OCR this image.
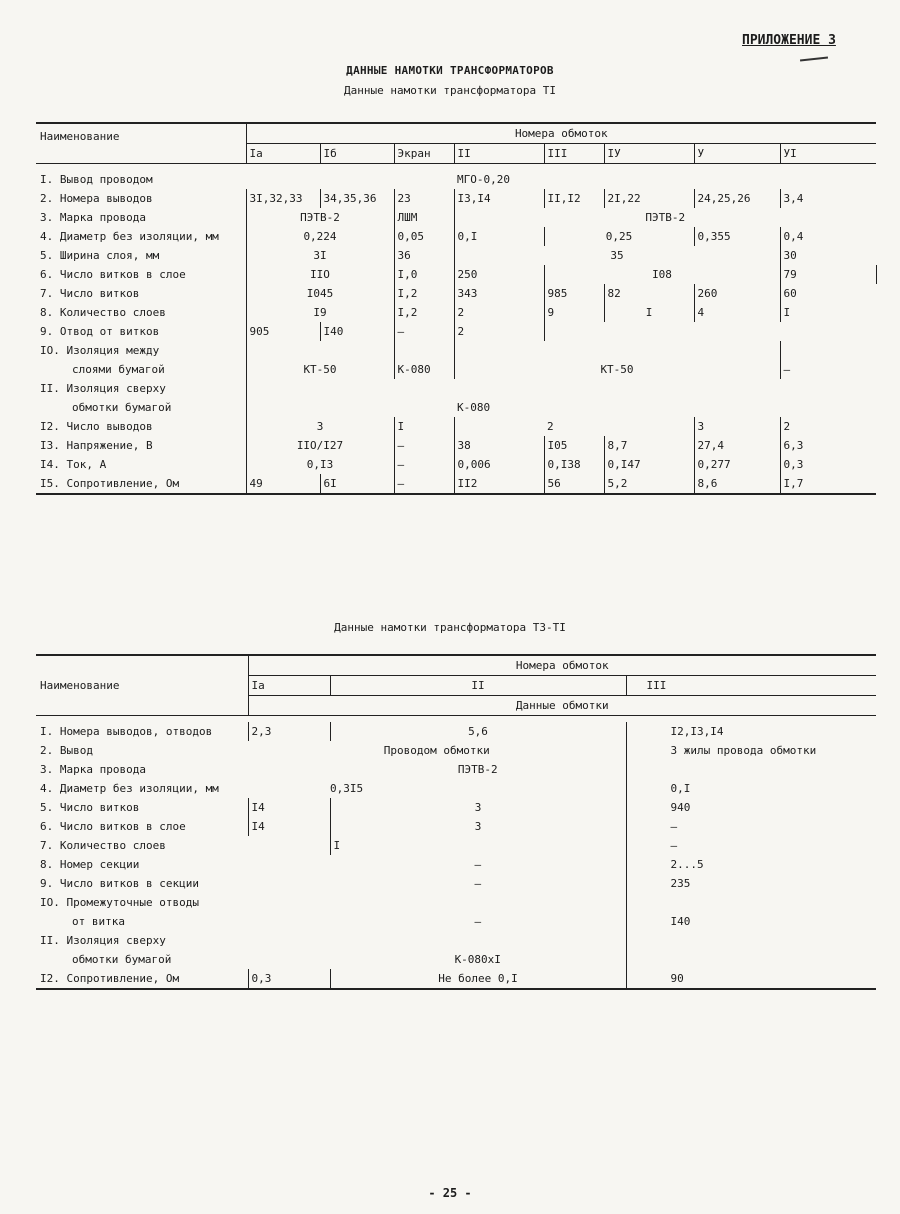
ПРИЛОЖЕНИЕ 3
ДАННЫЕ НАМОТКИ ТРАНСФОРМАТОРОВ
Данные намотки трансформатора ТI
Наименование	Номера обмоток								
	Iа	Iб	Экран	II	III	IУ	У	УI	

I. Вывод проводом				МГО-0,20					
2. Номера выводов	3I,32,33	34,35,36	23	I3,I4	II,I2	2I,22	24,25,26	3,4	
3. Марка провода	ПЭТВ-2		ЛШМ	ПЭТВ-2					
4. Диаметр без изоляции, мм	0,224		0,05	0,I	0,25		0,355	0,4	
5. Ширина слоя, мм	3I		36	35				30	
6. Число витков в слое	IIO		I,0	250	I08			79	
7. Число витков	I045		I,2	343	985	82	260	60	
8. Количество слоев	I9		I,2	2	9	I	4	I	
9. Отвод от витков	905	I40	–	2					
IO. Изоляция между									
слоями бумагой	КТ-50		К-080	КТ-50				–	
II. Изоляция сверху									
обмотки бумагой				К-080					
I2. Число выводов	3		I		2		3	2	
I3. Напряжение, В	IIO/I27		–	38	I05	8,7	27,4	6,3	
I4. Ток, А	0,I3		–	0,006	0,I38	0,I47	0,277	0,3	
I5. Сопротивление, Ом	49	6I	–	II2	56	5,2	8,6	I,7	
Данные намотки трансформатора ТЗ-ТI
Наименование	Номера обмоток		
	Iа	II	III
	Данные обмотки		

I. Номера выводов, отводов	2,3	5,6	I2,I3,I4
2. Вывод	Проводом обмотки		3 жилы провода обмотки
3. Марка провода		ПЭТВ-2	
4. Диаметр без изоляции, мм		0,3I5	0,I
5. Число витков	I4	3	940
6. Число витков в слое	I4	3	–
7. Количество слоев		I	–
8. Номер секции		–	2...5
9. Число витков в секции		–	235
IO. Промежуточные отводы			
от витка		–	I40
II. Изоляция сверху			
обмотки бумагой		К-080хI	
I2. Сопротивление, Ом	0,3	Не более 0,I	90
- 25 -
